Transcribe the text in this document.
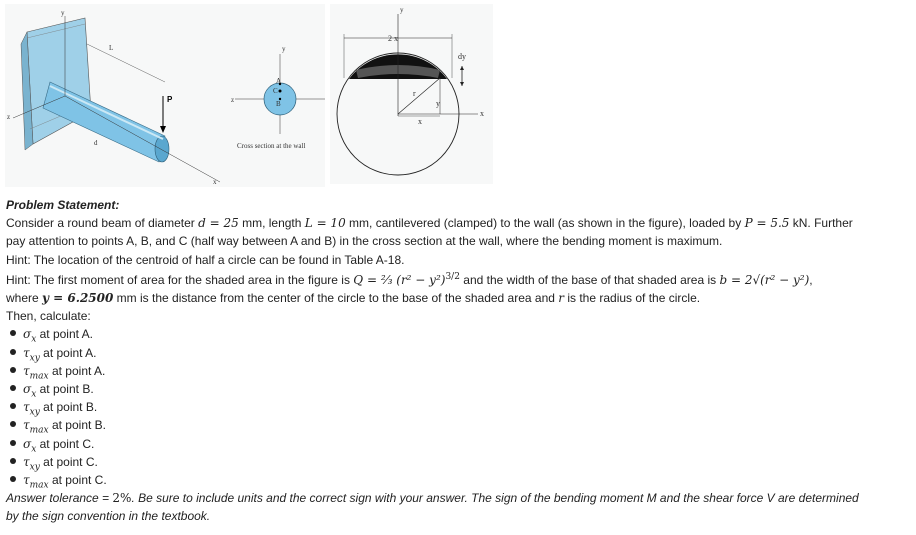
y
L
P
d
z
x
y
z
A
C
B
Cross section at the wall
y
2 x
dy
r
y
x
x
Problem Statement:
Consider a round beam of diameter d = 25 mm, length L = 10 mm, cantilevered (clamped) to the wall (as shown in the figure), loaded by P = 5.5 kN. Further
pay attention to points A, B, and C (half way between A and B) in the cross section at the wall, where the bending moment is maximum.
Hint: The location of the centroid of half a circle can be found in Table A-18.
Hint: The first moment of area for the shaded area in the figure is Q = ⅔ $(r^2 - y^2)^{3/2}$ and the width of the base of that shaded area is b = 2√(r² − y²),
where y = 6.2500 mm is the distance from the center of the circle to the base of the shaded area and r is the radius of the circle.
Then, calculate:
$\sigma_x$ at point A.
$\tau_{xy}$ at point A.
$\tau_{max}$ at point A.
$\sigma_x$ at point B.
$\tau_{xy}$ at point B.
$\tau_{max}$ at point B.
$\sigma_x$ at point C.
$\tau_{xy}$ at point C.
$\tau_{max}$ at point C.
Answer tolerance = 2%. Be sure to include units and the correct sign with your answer. The sign of the bending moment M and the shear force V are determined
by the sign convention in the textbook.
